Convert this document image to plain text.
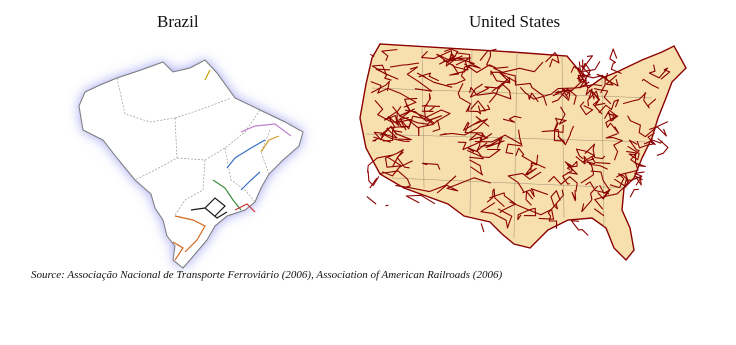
Brazil	United States
Source: Associação Nacional de Transporte Ferroviário (2006), Association of American Railroads (2006)
